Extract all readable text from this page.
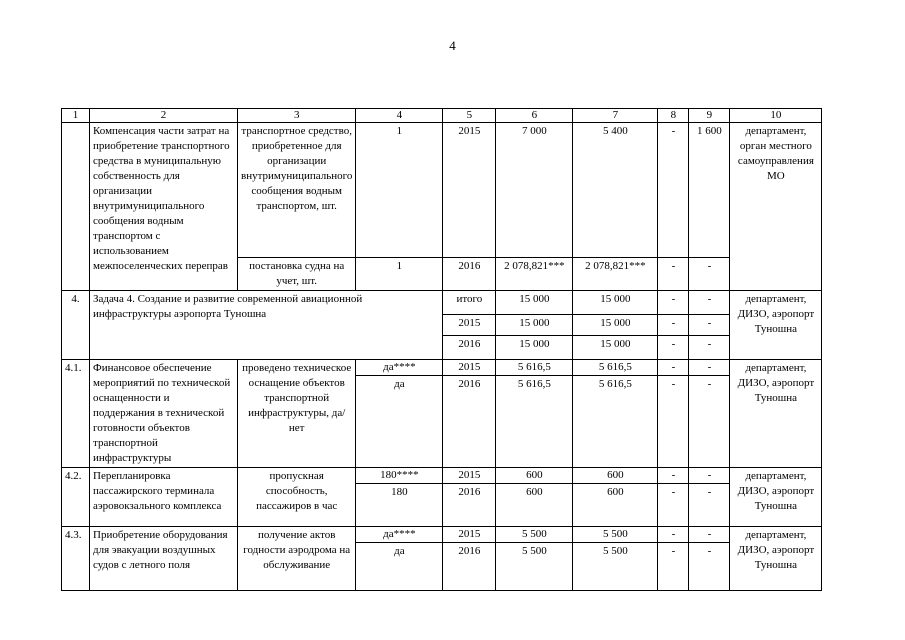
4
1	2	3	4	5	6	7	8	9	10
	Компенсация части затрат на приобретение транспортного средства в муниципальную собственность для организации внутримуниципального сообщения водным транспортом с использованием межпоселенческих переправ	транспортное средство, приобретенное для организации внутримуниципального сообщения водным транспортом, шт.	1	2015	7 000	5 400	-	1 600	департамент, орган местного самоуправления МО
		постановка судна на учет, шт.	1	2016	2 078,821***	2 078,821***	-	-	
4.	Задача 4. Создание и развитие современной авиационной инфраструктуры аэропорта Туношна			итого	15 000	15 000	-	-	департамент, ДИЗО, аэропорт Туношна
				2015	15 000	15 000	-	-	
				2016	15 000	15 000	-	-	

4.1.	Финансовое обеспечение мероприятий по технической оснащенности и поддержания в технической готовности объектов транспортной инфраструктуры	проведено техническое оснащение объектов транспортной инфраструктуры, да/нет	да****	2015	5 616,5	5 616,5	-	-	департамент, ДИЗО, аэропорт Туношна
			да	2016	5 616,5	5 616,5	-	-	
4.2.	Перепланировка пассажирского терминала аэровокзального комплекса	пропускная способность, пассажиров в час	180****	2015	600	600	-	-	департамент, ДИЗО, аэропорт Туношна
			180	2016	600	600	-	-	
4.3.	Приобретение оборудования для эвакуации воздушных судов с летного поля	получение актов годности аэродрома на обслуживание	да****	2015	5 500	5 500	-	-	департамент, ДИЗО, аэропорт Туношна
			да	2016	5 500	5 500	-	-	
